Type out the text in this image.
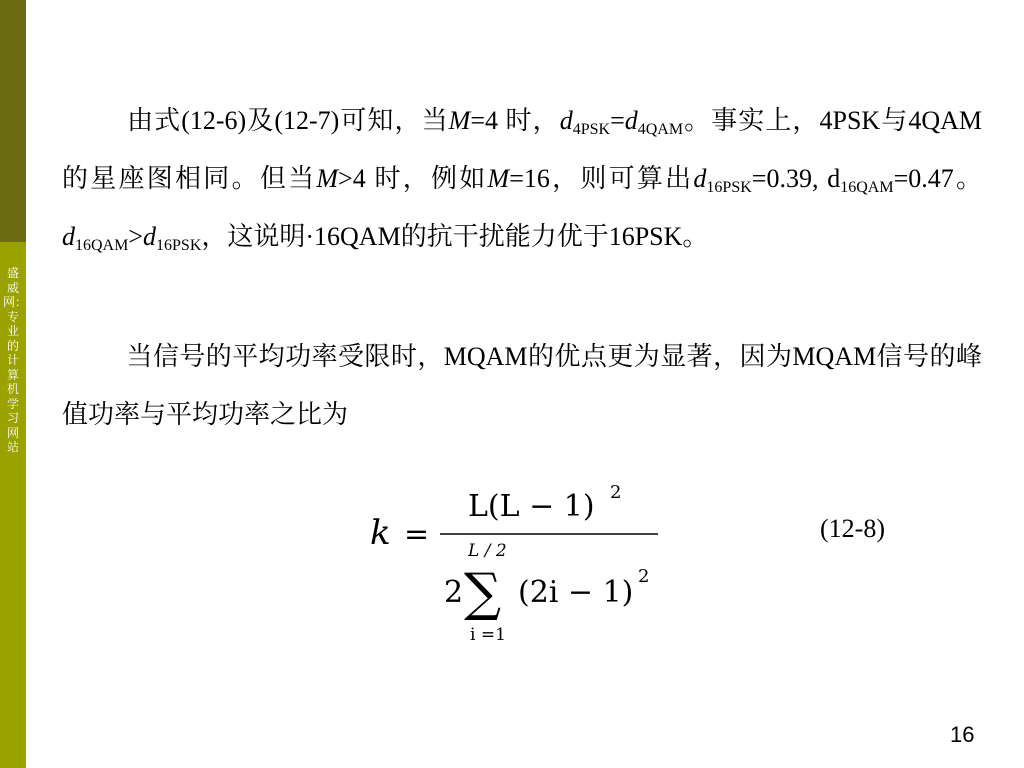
盛威网：专业的计算机学习网站
由式(12-6)及(12-7)可知，当M=4 时，$d_{4PSK}=d_{4QAM}$。事实上，4PSK与4QAM的星座图相同。但当M>4 时，例如M=16，则可算出$d_{16PSK}=0.39$, $d_{16QAM}=0.47$。$d_{16QAM}>d_{16PSK}$，这说明·16QAM的抗干扰能力优于16PSK。
当信号的平均功率受限时，MQAM的优点更为显著，因为MQAM信号的峰值功率与平均功率之比为
k =
L(L − 1) 2
L / 2
2 ∑ (2i − 1) 2
i =1
(12-8)
16
